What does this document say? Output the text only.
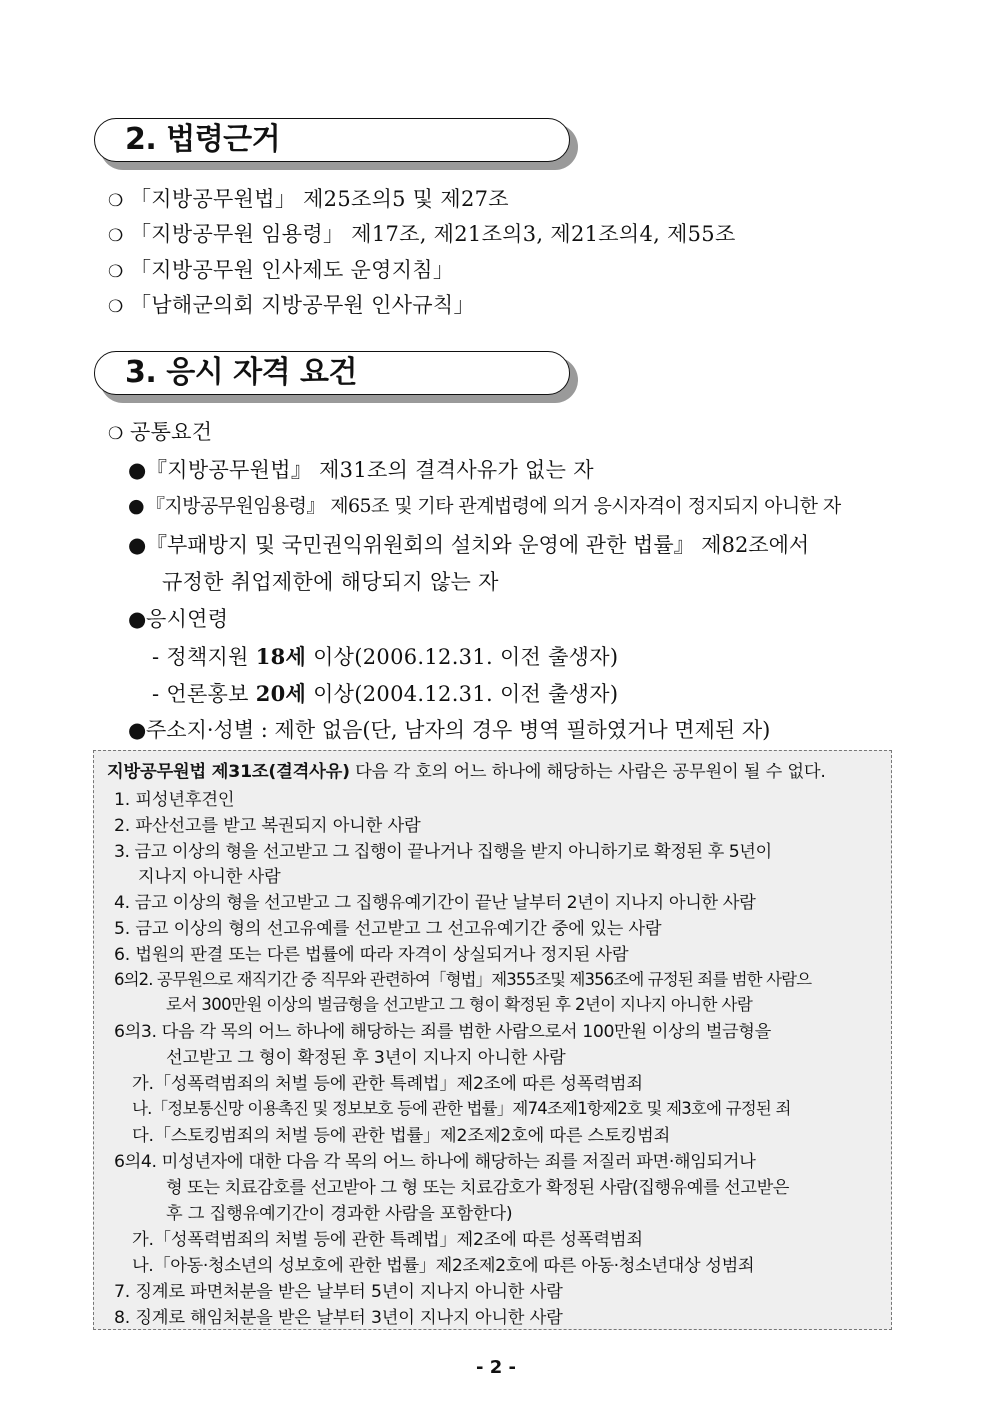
2. 법령근거
❍ 「지방공무원법」 제25조의5 및 제27조
❍ 「지방공무원 임용령」 제17조, 제21조의3, 제21조의4, 제55조
❍ 「지방공무원 인사제도 운영지침」
❍ 「남해군의회 지방공무원 인사규칙」
3. 응시 자격 요건
❍ 공통요건
●『지방공무원법』 제31조의 결격사유가 없는 자
● 『지방공무원임용령』 제65조 및 기타 관계법령에 의거 응시자격이 정지되지 아니한 자
●『부패방지 및 국민권익위원회의 설치와 운영에 관한 법률』 제82조에서
규정한 취업제한에 해당되지 않는 자
●응시연령
- 정책지원 18세 이상(2006.12.31. 이전 출생자)
- 언론홍보 20세 이상(2004.12.31. 이전 출생자)
●주소지·성별 : 제한 없음(단, 남자의 경우 병역 필하였거나 면제된 자)
지방공무원법 제31조(결격사유) 다음 각 호의 어느 하나에 해당하는 사람은 공무원이 될 수 없다.
1. 피성년후견인
2. 파산선고를 받고 복권되지 아니한 사람
3. 금고 이상의 형을 선고받고 그 집행이 끝나거나 집행을 받지 아니하기로 확정된 후 5년이
지나지 아니한 사람
4. 금고 이상의 형을 선고받고 그 집행유예기간이 끝난 날부터 2년이 지나지 아니한 사람
5. 금고 이상의 형의 선고유예를 선고받고 그 선고유예기간 중에 있는 사람
6. 법원의 판결 또는 다른 법률에 따라 자격이 상실되거나 정지된 사람
6의2. 공무원으로 재직기간 중 직무와 관련하여「형법」제355조및 제356조에 규정된 죄를 범한 사람으
로서 300만원 이상의 벌금형을 선고받고 그 형이 확정된 후 2년이 지나지 아니한 사람
6의3. 다음 각 목의 어느 하나에 해당하는 죄를 범한 사람으로서 100만원 이상의 벌금형을
선고받고 그 형이 확정된 후 3년이 지나지 아니한 사람
가.「성폭력범죄의 처벌 등에 관한 특례법」제2조에 따른 성폭력범죄
나.「정보통신망 이용촉진 및 정보보호 등에 관한 법률」제74조제1항제2호 및 제3호에 규정된 죄
다.「스토킹범죄의 처벌 등에 관한 법률」제2조제2호에 따른 스토킹범죄
6의4. 미성년자에 대한 다음 각 목의 어느 하나에 해당하는 죄를 저질러 파면·해임되거나
형 또는 치료감호를 선고받아 그 형 또는 치료감호가 확정된 사람(집행유예를 선고받은
후 그 집행유예기간이 경과한 사람을 포함한다)
가.「성폭력범죄의 처벌 등에 관한 특례법」제2조에 따른 성폭력범죄
나.「아동·청소년의 성보호에 관한 법률」제2조제2호에 따른 아동·청소년대상 성범죄
7. 징계로 파면처분을 받은 날부터 5년이 지나지 아니한 사람
8. 징계로 해임처분을 받은 날부터 3년이 지나지 아니한 사람
- 2 -
